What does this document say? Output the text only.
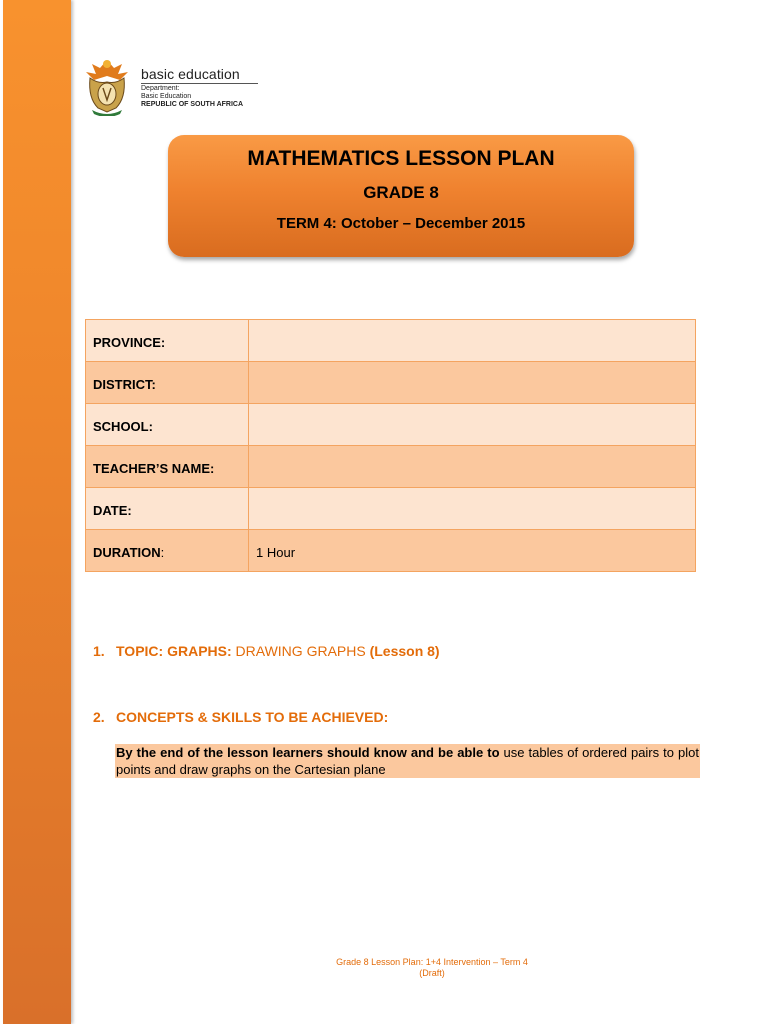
basic education
Department:
Basic Education
REPUBLIC OF SOUTH AFRICA
MATHEMATICS LESSON PLAN
GRADE 8
TERM 4: October – December 2015
PROVINCE:	
DISTRICT:	
SCHOOL:	
TEACHER’S NAME:	
DATE:	
DURATION:	1 Hour
1. TOPIC: GRAPHS: DRAWING GRAPHS (Lesson 8)
2. CONCEPTS & SKILLS TO BE ACHIEVED:
By the end of the lesson learners should know and be able to use tables of ordered pairs to plot points and draw graphs on the Cartesian plane
Grade 8 Lesson Plan: 1+4 Intervention – Term 4
(Draft)
